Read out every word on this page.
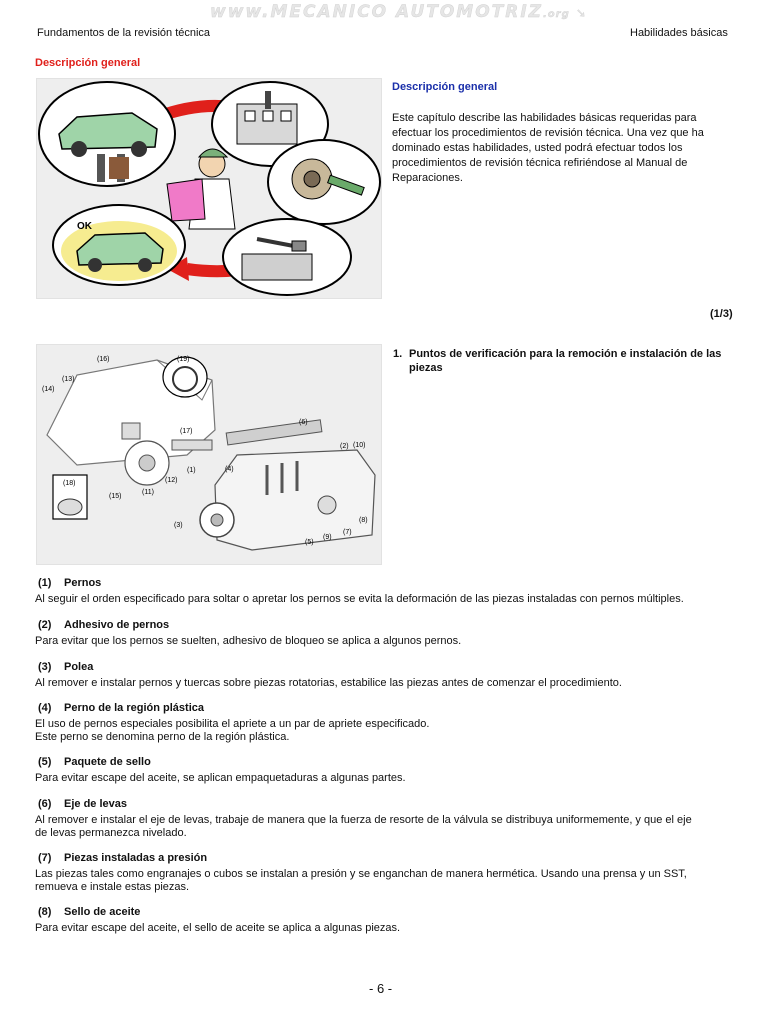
www.MECANICO AUTOMOTRIZ.org ➘
Fundamentos de la revisión técnica	Habilidades básicas
Descripción general
OK
Descripción general
Este capítulo describe las habilidades básicas requeridas para efectuar los procedimientos de revisión técnica. Una vez que ha dominado estas habilidades, usted podrá efectuar todos los procedimientos de revisión técnica refiriéndose al Manual de Reparaciones.
(1/3)
(1)
(2)
(3)
(4)
(5)
(6)
(7)
(8)
(9)
(10)
(11)
(12)
(13)
(14)
(15)
(16)
(17)
(18)
(19)	1. Puntos de verificación para la remoción e instalación de las piezas
(1) Pernos
Al seguir el orden especificado para soltar o apretar los pernos se evita la deformación de las piezas instaladas con pernos múltiples.
(2) Adhesivo de pernos
Para evitar que los pernos se suelten, adhesivo de bloqueo se aplica a algunos pernos.
(3) Polea
Al remover e instalar pernos y tuercas sobre piezas rotatorias, estabilice las piezas antes de comenzar el procedimiento.
(4) Perno de la región plástica
El uso de pernos especiales posibilita el apriete a un par de apriete especificado.
Este perno se denomina perno de la región plástica.
(5) Paquete de sello
Para evitar escape del aceite, se aplican empaquetaduras a algunas partes.
(6) Eje de levas
Al remover e instalar el eje de levas, trabaje de manera que la fuerza de resorte de la válvula se distribuya uniformemente, y que el eje
de levas permanezca nivelado.
(7) Piezas instaladas a presión
Las piezas tales como engranajes o cubos se instalan a presión y se enganchan de manera hermética. Usando una prensa y un SST,
remueva e instale estas piezas.
(8) Sello de aceite
Para evitar escape del aceite, el sello de aceite se aplica a algunas piezas.
- 6 -
